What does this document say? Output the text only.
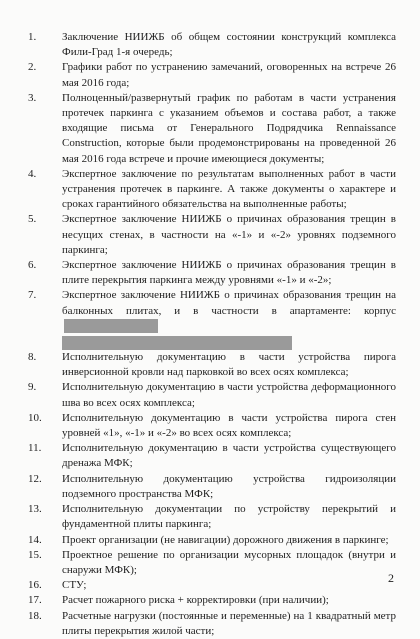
1.	Заключение НИИЖБ об общем состоянии конструкций комплекса Фили-Град 1-я очередь;
2.	Графики работ по устранению замечаний, оговоренных на встрече 26 мая 2016 года;
3.	Полноценный/развернутый график по работам в части устранения протечек паркинга с указанием объемов и состава работ, а также входящие письма от Генерального Подрядчика Rennaissance Construction, которые были продемонстрированы на проведенной 26 мая 2016 года встрече и прочие имеющиеся документы;
4.	Экспертное заключение по результатам выполненных работ в части устранения протечек в паркинге. А также документы о характере и сроках гарантийного обязательства на выполненные работы;
5.	Экспертное заключение НИИЖБ о причинах образования трещин в несущих стенах, в частности на «-1» и «-2» уровнях подземного паркинга;
6.	Экспертное заключение НИИЖБ о причинах образования трещин в плите перекрытия паркинга между уровнями «-1» и «-2»;
7.	Экспертное заключение НИИЖБ о причинах образования трещин на балконных плитах, и в частности в апартаменте: корпус
8.	Исполнительную документацию в части устройства пирога инверсионной кровли над парковкой во всех осях комплекса;
9.	Исполнительную документацию в части устройства деформационного шва во всех осях комплекса;
10.	Исполнительную документацию в части устройства пирога стен уровней «1», «-1» и «-2» во всех осях комплекса;
11.	Исполнительную документацию в части устройства существующего дренажа МФК;
12.	Исполнительную документацию устройства гидроизоляции подземного пространства МФК;
13.	Исполнительную документации по устройству перекрытий и фундаментной плиты паркинга;
14.	Проект организации (не навигации) дорожного движения в паркинге;
15.	Проектное решение по организации мусорных площадок (внутри и снаружи МФК);
16.	СТУ;
17.	Расчет пожарного риска + корректировки (при наличии);
18.	Расчетные нагрузки (постоянные и переменные) на 1 квадратный метр плиты перекрытия жилой части;
2
